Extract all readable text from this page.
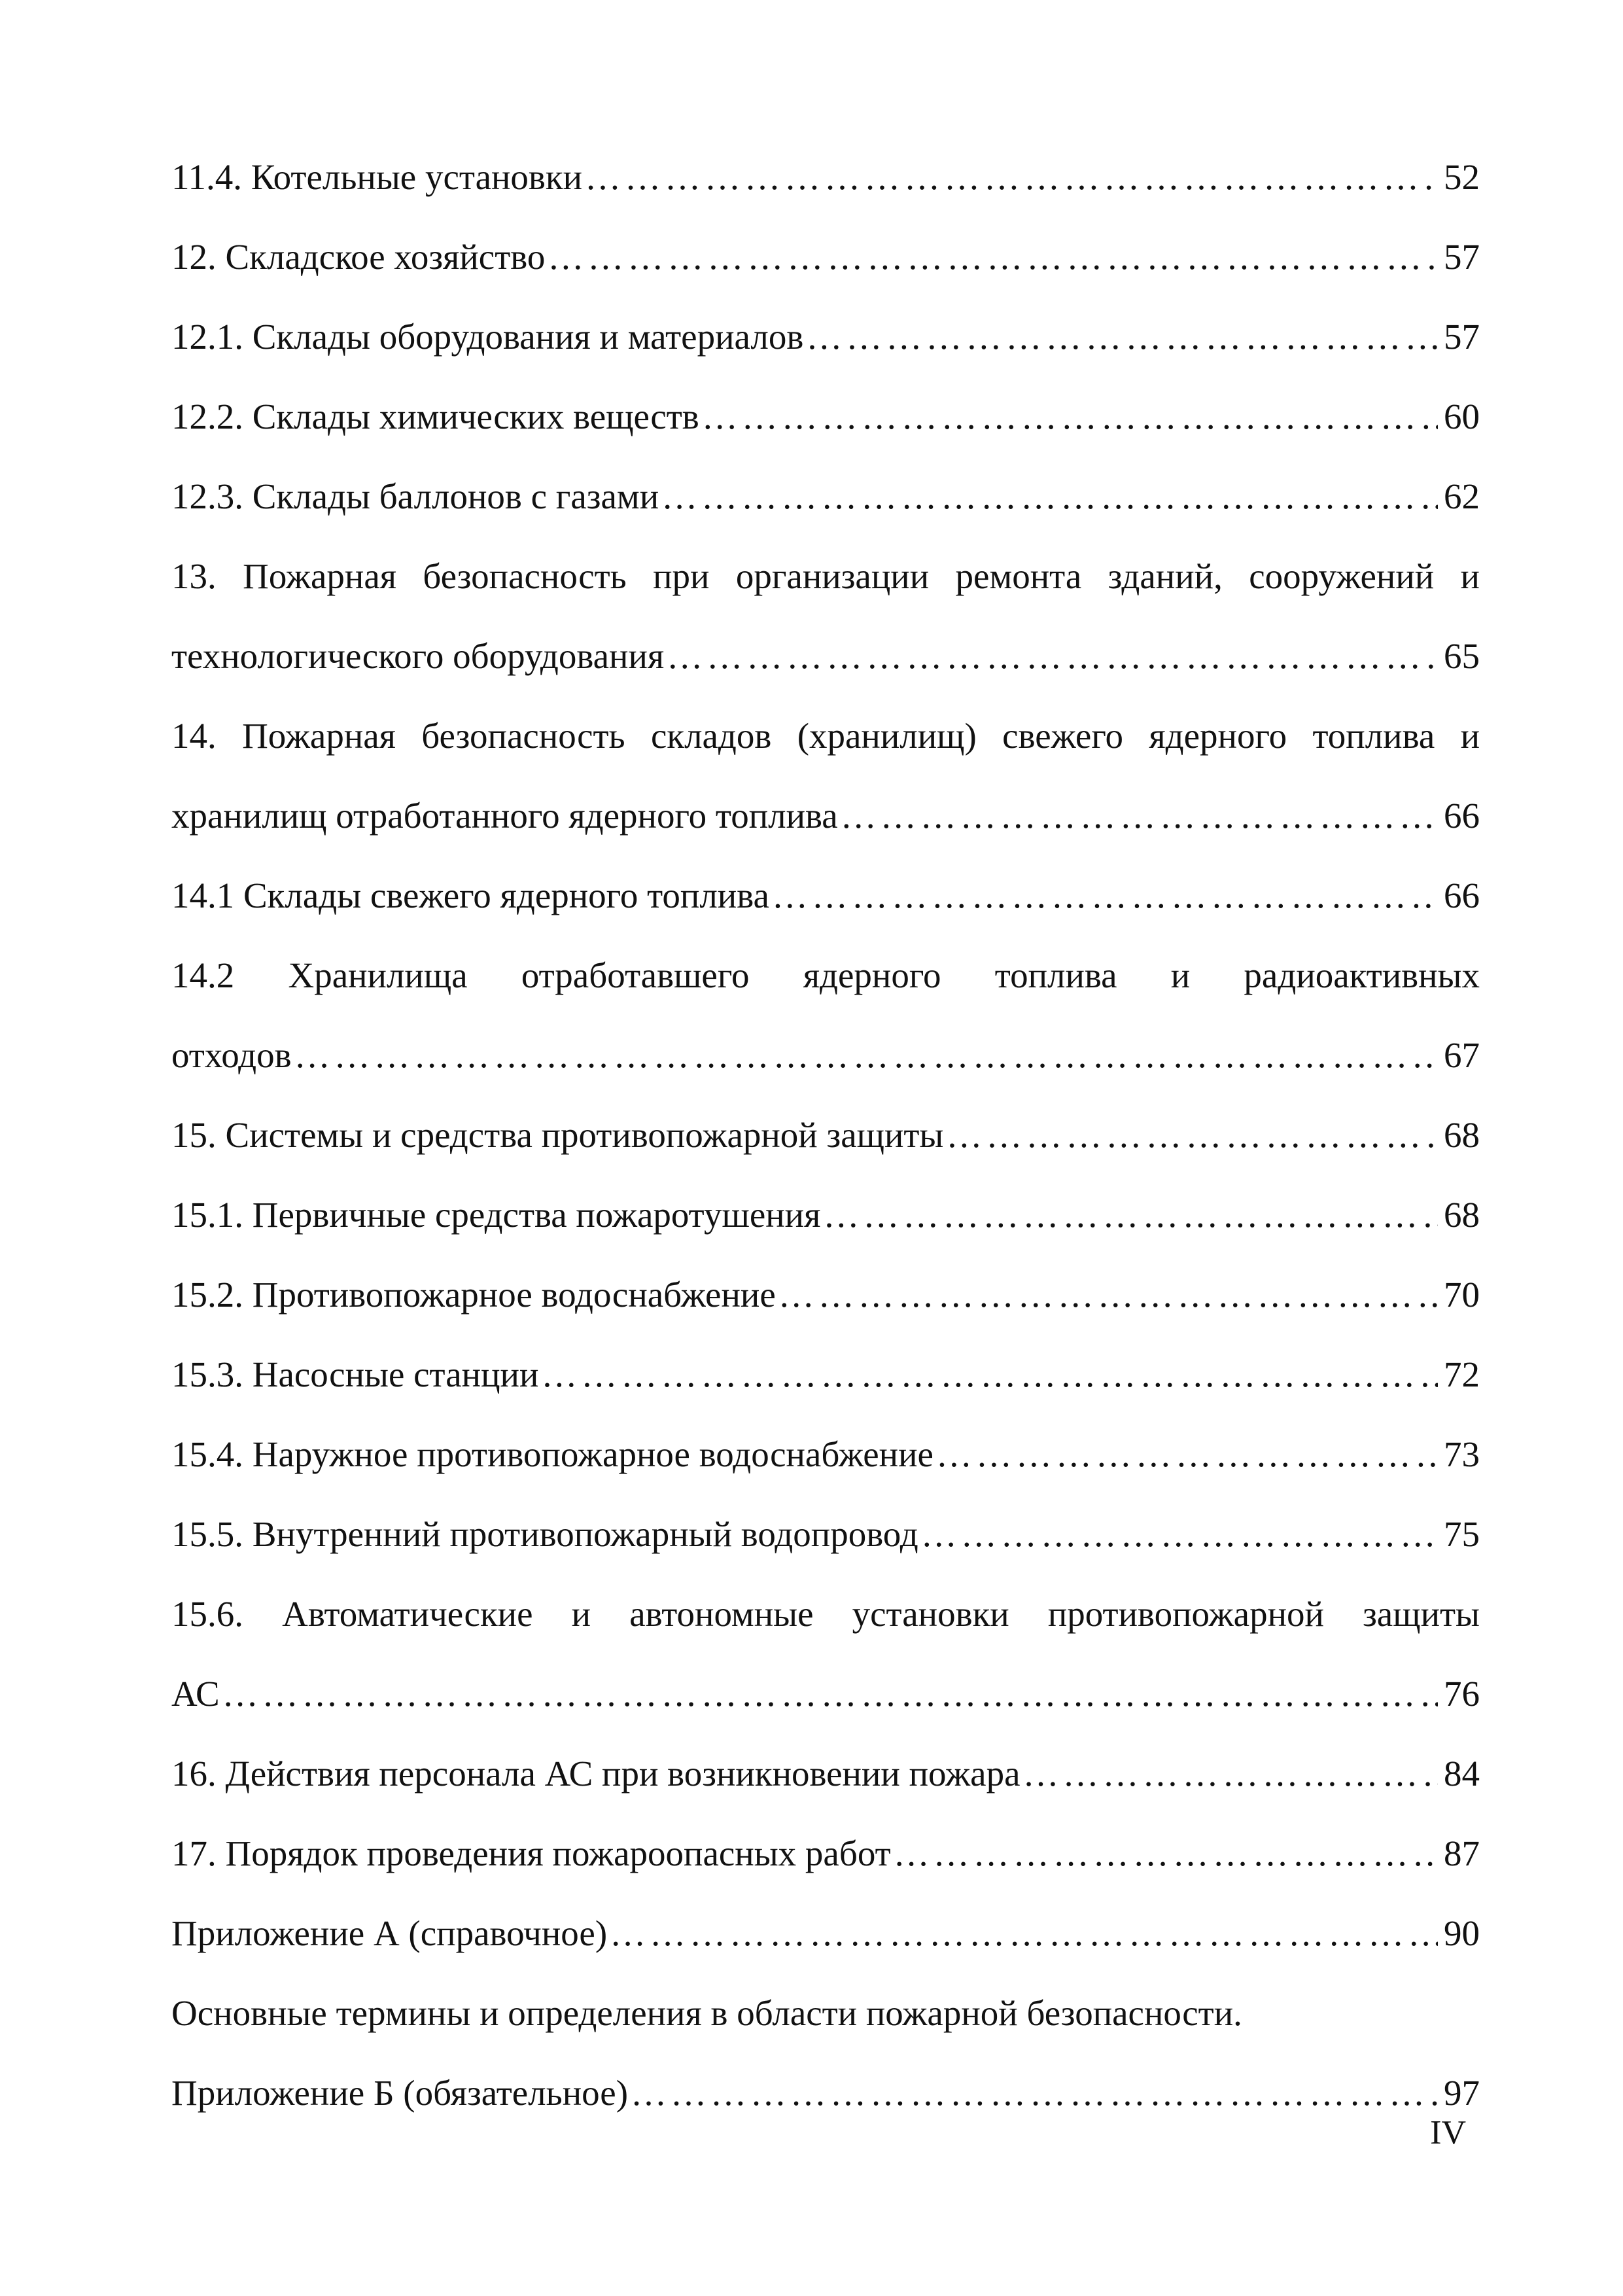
11.4. Котельные установки ……………………………………………………………………………………………………………………………………………………………………	52
12. Складское хозяйство ……………………………………………………………………………………………………………………………………………………………………	57
12.1. Склады оборудования и материалов ……………………………………………………………………………………………………………………………………………………………………	57
12.2. Склады химических веществ ……………………………………………………………………………………………………………………………………………………………………	60
12.3. Склады баллонов с газами ……………………………………………………………………………………………………………………………………………………………………	62
13. Пожарная безопасность при организации ремонта зданий, сооружений и
технологического оборудования ……………………………………………………………………………………………………………………………………………………………………	65
14. Пожарная безопасность складов (хранилищ) свежего ядерного топлива и
хранилищ отработанного ядерного топлива ……………………………………………………………………………………………………………………………………………………………………	66
14.1 Склады свежего ядерного топлива ……………………………………………………………………………………………………………………………………………………………………	66
14.2 Хранилища отработавшего ядерного топлива и радиоактивных
отходов ……………………………………………………………………………………………………………………………………………………………………	67
15. Системы и средства противопожарной защиты ……………………………………………………………………………………………………………………………………………………………………	68
15.1. Первичные средства пожаротушения ……………………………………………………………………………………………………………………………………………………………………	68
15.2. Противопожарное водоснабжение ……………………………………………………………………………………………………………………………………………………………………	70
15.3. Насосные станции ……………………………………………………………………………………………………………………………………………………………………	72
15.4. Наружное противопожарное водоснабжение ……………………………………………………………………………………………………………………………………………………………………	73
15.5. Внутренний противопожарный водопровод ……………………………………………………………………………………………………………………………………………………………………	75
15.6. Автоматические и автономные установки противопожарной защиты
АС ……………………………………………………………………………………………………………………………………………………………………	76
16. Действия персонала АС при возникновении пожара ……………………………………………………………………………………………………………………………………………………………………	84
17. Порядок проведения пожароопасных работ ……………………………………………………………………………………………………………………………………………………………………	87
Приложение А (справочное) ……………………………………………………………………………………………………………………………………………………………………	90
Основные термины и определения в области пожарной безопасности.
Приложение Б (обязательное) ……………………………………………………………………………………………………………………………………………………………………	97
IV
